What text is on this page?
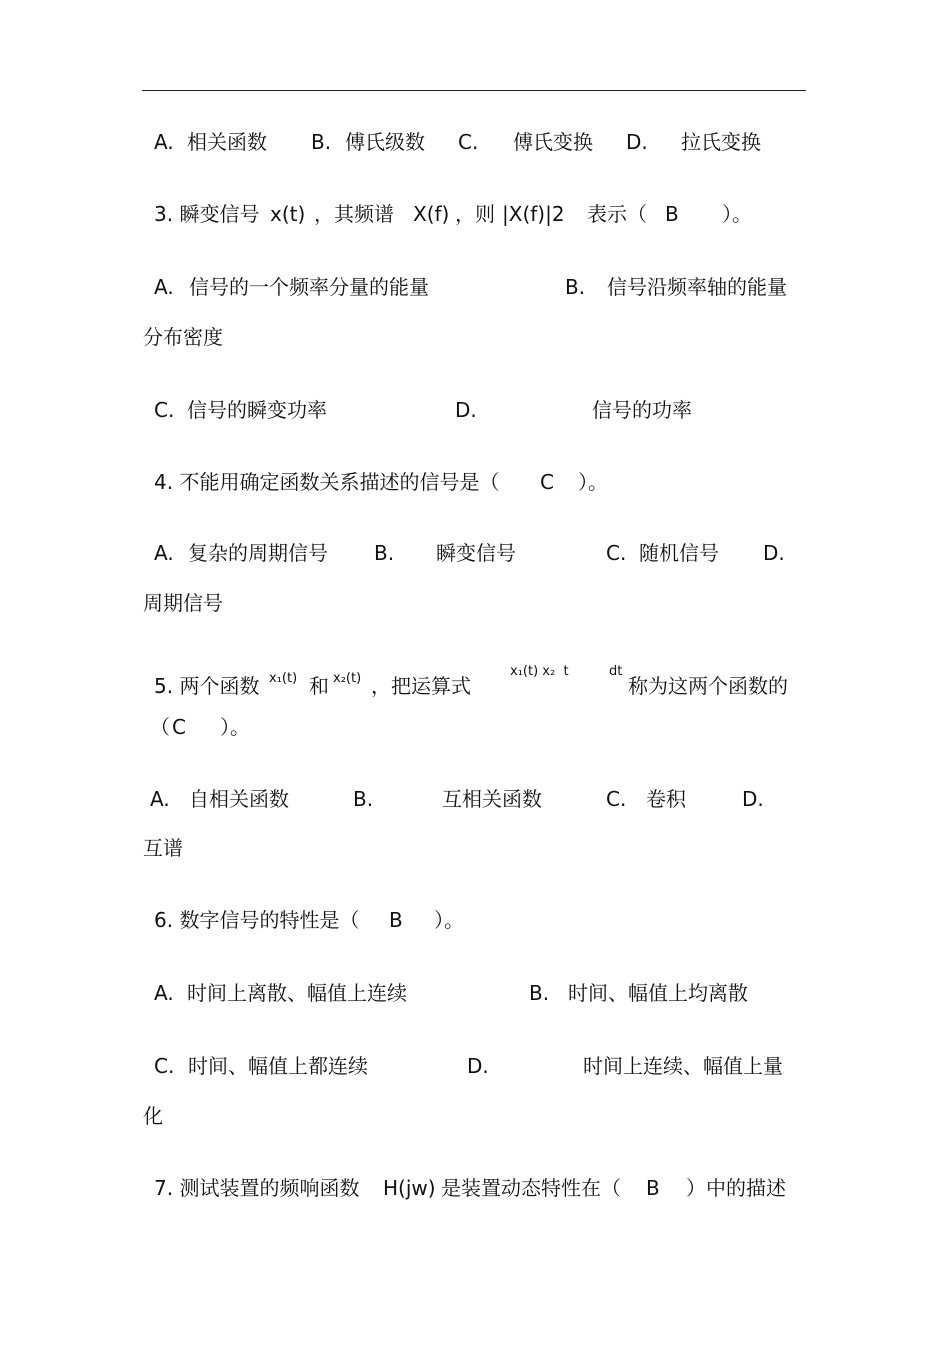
A. 相关函数 B. 傅氏级数 C. 傅氏变换 D. 拉氏变换
3. 瞬变信号 x(t) ，其频谱 X(f) ，则 |X(f)|2 表示（ B ）。
A. 信号的一个频率分量的能量	B. 信号沿频率轴的能量
分布密度
C. 信号的瞬变功率	D.	信号的功率
4. 不能用确定函数关系描述的信号是（ C ）。
A. 复杂的周期信号 B. 瞬变信号	C. 随机信号 D.
周期信号
5. 两个函数 x₁(t) 和 x₂(t) ，把运算式
x₁(t) x₂  t	dt
称为这两个函数的
（ C ）。
A. 自相关函数	B.	互相关函数	C. 卷积	D.
互谱
6. 数字信号的特性是（ B ）。
A. 时间上离散、幅值上连续	B. 时间、幅值上均离散
C. 时间、幅值上都连续	D.	时间上连续、幅值上量
化
7. 测试装置的频响函数 H(jw) 是装置动态特性在（ B ）中的描述
